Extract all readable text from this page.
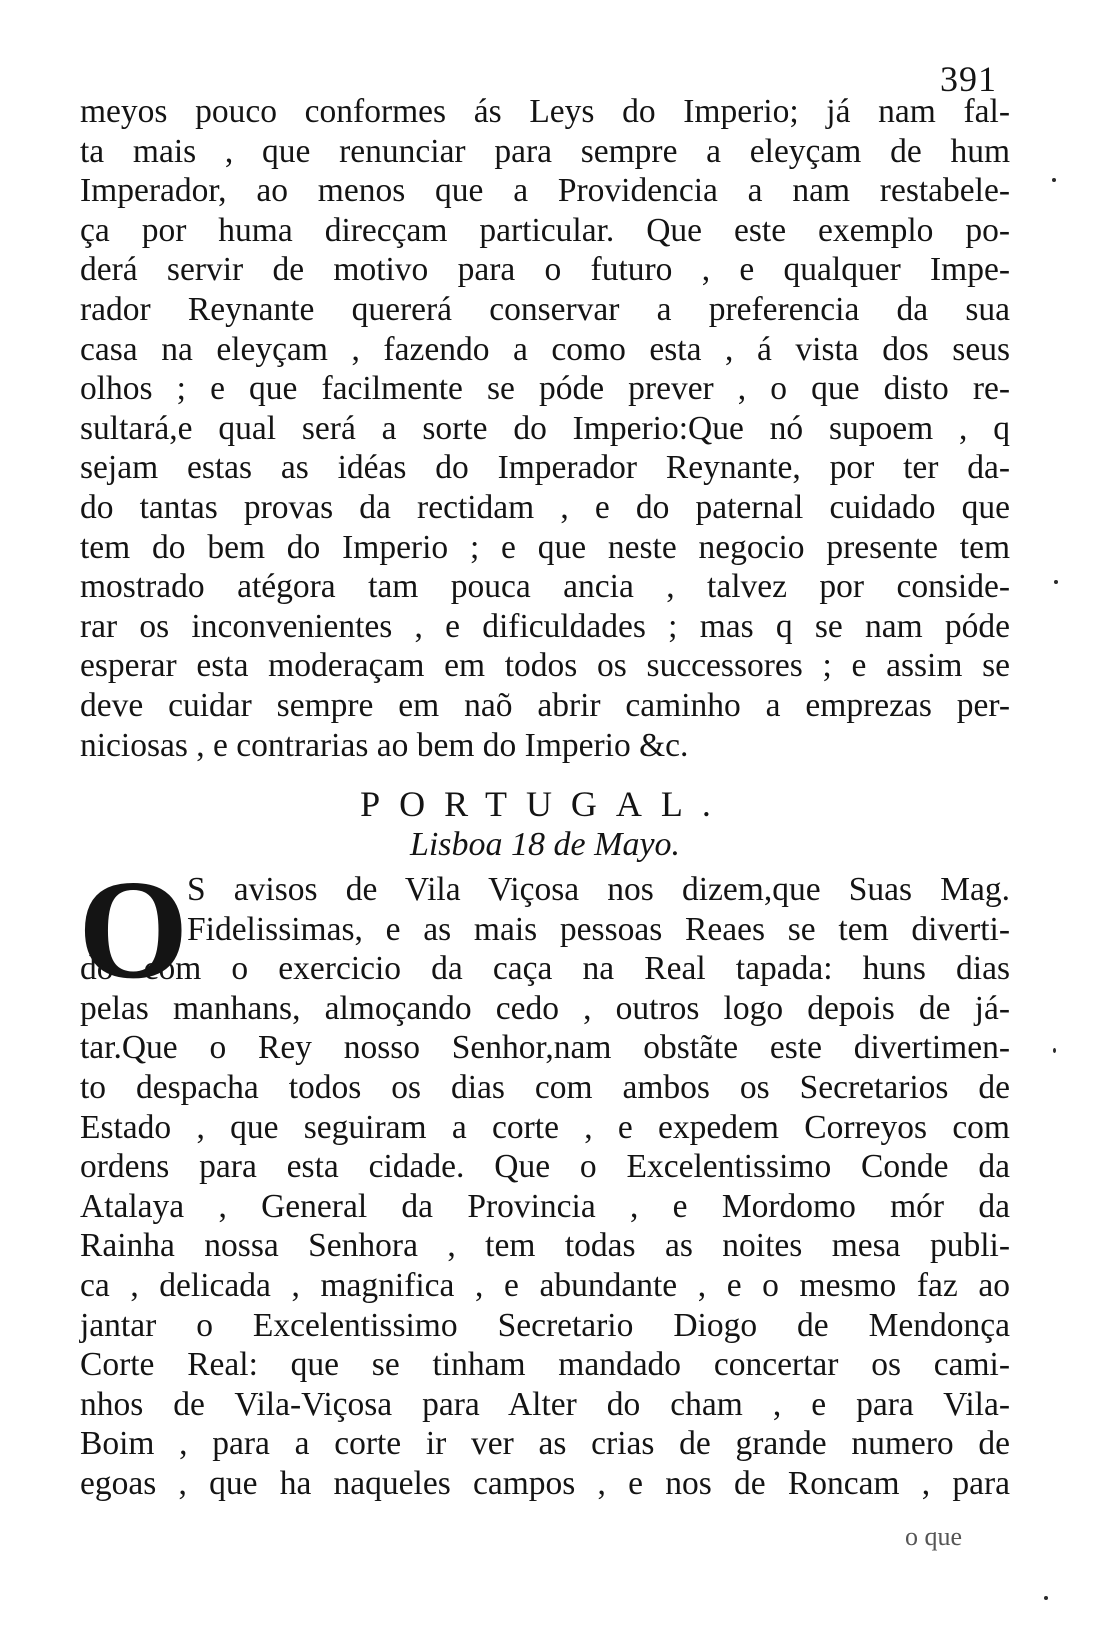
391
meyos pouco conformes ás Leys do Imperio; já nam fal-
ta mais , que renunciar para sempre a eleyçam de hum
Imperador, ao menos que a Providencia a nam restabele-
ça por huma direcçam particular. Que este exemplo po-
derá servir de motivo para o futuro , e qualquer Impe-
rador Reynante quererá conservar a preferencia da sua
casa na eleyçam , fazendo a como esta , á vista dos seus
olhos ; e que facilmente se póde prever , o que disto re-
sultará,e qual será a sorte do Imperio:Que nó supoem , q
sejam estas as idéas do Imperador Reynante, por ter da-
do tantas provas da rectidam , e do paternal cuidado que
tem do bem do Imperio ; e que neste negocio presente tem
mostrado atégora tam pouca ancia , talvez por conside-
rar os inconvenientes , e dificuldades ; mas q se nam póde
esperar esta moderaçam em todos os successores ; e assim se
deve cuidar sempre em naõ abrir caminho a emprezas per-
niciosas , e contrarias ao bem do Imperio &c.
PORTUGAL.
Lisboa 18 de Mayo.
O
S avisos de Vila Viçosa nos dizem,que Suas Mag.
Fidelissimas, e as mais pessoas Reaes se tem diverti-
do com o exercicio da caça na Real tapada: huns dias
pelas manhans, almoçando cedo , outros logo depois de já-
tar.Que o Rey nosso Senhor,nam obstãte este divertimen-
to despacha todos os dias com ambos os Secretarios de
Estado , que seguiram a corte , e expedem Correyos com
ordens para esta cidade. Que o Excelentissimo Conde da
Atalaya , General da Provincia , e Mordomo mór da
Rainha nossa Senhora , tem todas as noites mesa publi-
ca , delicada , magnifica , e abundante , e o mesmo faz ao
jantar o Excelentissimo Secretario Diogo de Mendonça
Corte Real: que se tinham mandado concertar os cami-
nhos de Vila-Viçosa para Alter do cham , e para Vila-
Boim , para a corte ir ver as crias de grande numero de
egoas , que ha naqueles campos , e nos de Roncam , para
o que
